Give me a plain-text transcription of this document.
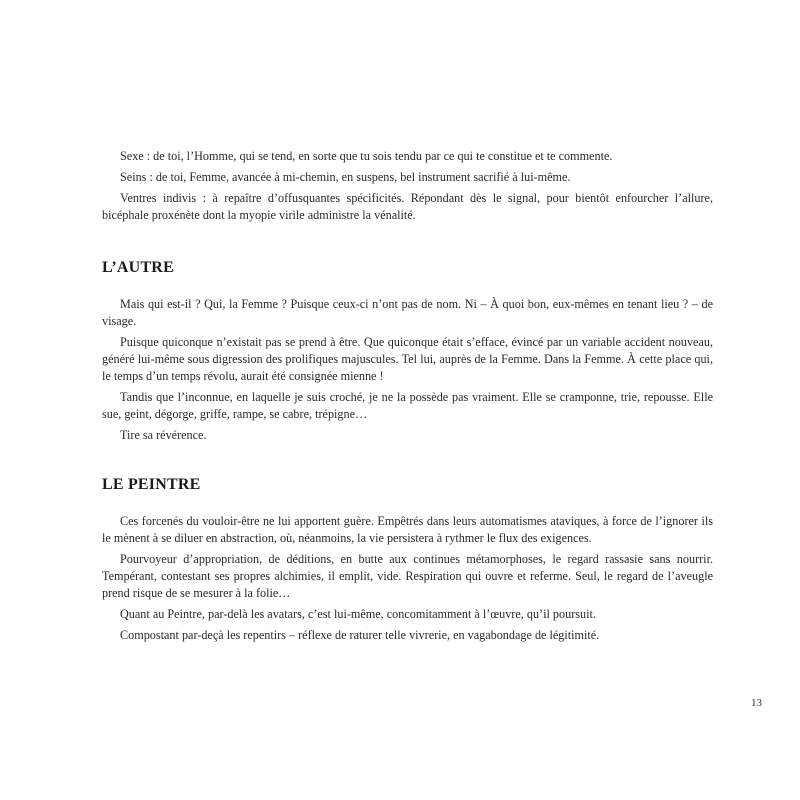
Sexe : de toi, l’Homme, qui se tend, en sorte que tu sois tendu par ce qui te constitue et te commente.

Seins : de toi, Femme, avancée à mi-chemin, en suspens, bel instrument sacrifié à lui-même.

Ventres indivis : à repaître d’offusquantes spécificités. Répondant dès le signal, pour bientôt enfourcher l’allure, bicéphale proxénète dont la myopie virile administre la vénalité.

L’AUTRE

Mais qui est-il ? Qui, la Femme ? Puisque ceux-ci n’ont pas de nom. Ni – À quoi bon, eux-mêmes en tenant lieu ? – de visage.

Puisque quiconque n’existait pas se prend à être. Que quiconque était s’efface, évincé par un variable accident nouveau, généré lui-même sous digression des prolifiques majuscules. Tel lui, auprès de la Femme. Dans la Femme. À cette place qui, le temps d’un temps révolu, aurait été consignée mienne !

Tandis que l’inconnue, en laquelle je suis croché, je ne la possède pas vraiment. Elle se cramponne, trie, repousse. Elle sue, geint, dégorge, griffe, rampe, se cabre, trépigne…

Tire sa révérence.

LE PEINTRE

Ces forcenés du vouloir-être ne lui apportent guère. Empêtrés dans leurs automatismes ataviques, à force de l’ignorer ils le mènent à se diluer en abstraction, où, néanmoins, la vie persistera à rythmer le flux des exigences.

Pourvoyeur d’appropriation, de déditions, en butte aux continues métamorphoses, le regard rassasie sans nourrir. Tempérant, contestant ses propres alchimies, il emplit, vide. Respiration qui ouvre et referme. Seul, le regard de l’aveugle prend risque de se mesurer à la folie…

Quant au Peintre, par-delà les avatars, c’est lui-même, concomitamment à l’œuvre, qu’il poursuit.

Compostant par-deçà les repentirs – réflexe de raturer telle vivrerie, en vagabondage de légitimité.

13
